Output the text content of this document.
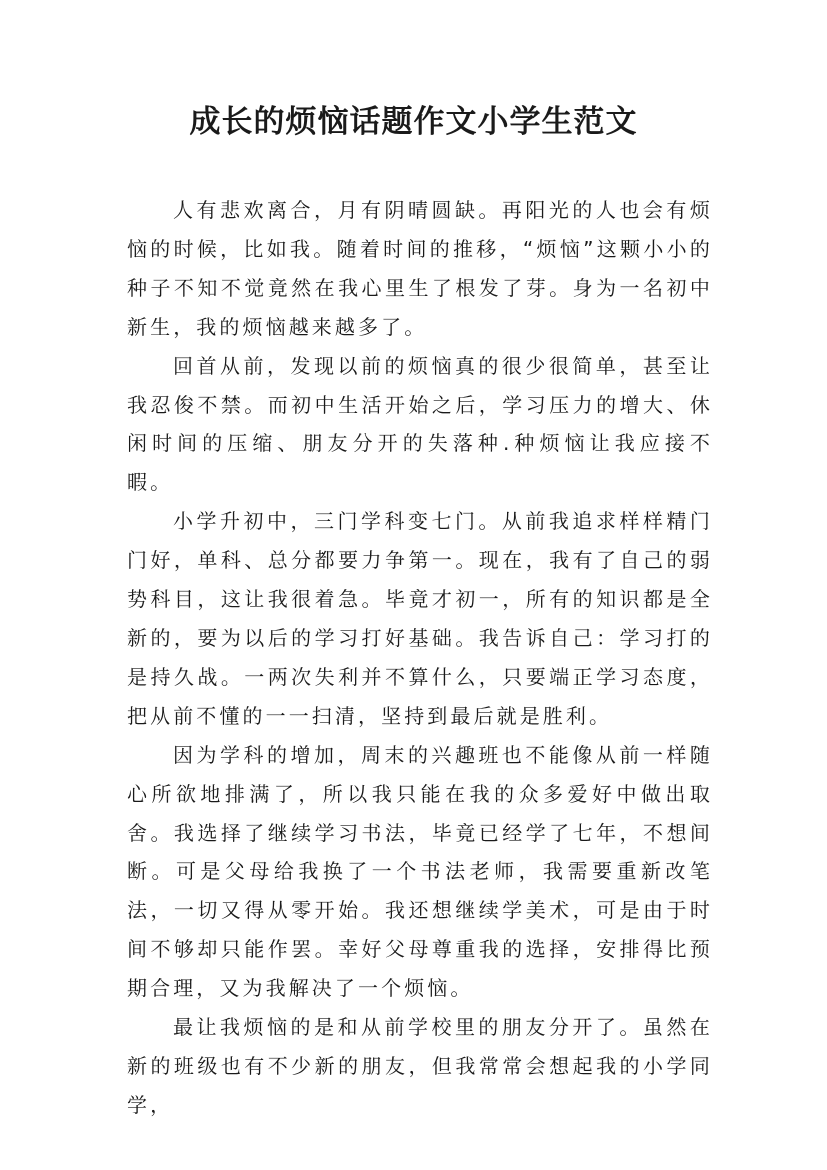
成长的烦恼话题作文小学生范文

人有悲欢离合，月有阴晴圆缺。再阳光的人也会有烦恼的时候，比如我。随着时间的推移，“烦恼”这颗小小的种子不知不觉竟然在我心里生了根发了芽。身为一名初中新生，我的烦恼越来越多了。

回首从前，发现以前的烦恼真的很少很简单，甚至让我忍俊不禁。而初中生活开始之后，学习压力的增大、休闲时间的压缩、朋友分开的失落种.种烦恼让我应接不暇。

小学升初中，三门学科变七门。从前我追求样样精门门好，单科、总分都要力争第一。现在，我有了自己的弱势科目，这让我很着急。毕竟才初一，所有的知识都是全新的，要为以后的学习打好基础。我告诉自己：学习打的是持久战。一两次失利并不算什么，只要端正学习态度，把从前不懂的一一扫清，坚持到最后就是胜利。

因为学科的增加，周末的兴趣班也不能像从前一样随心所欲地排满了，所以我只能在我的众多爱好中做出取舍。我选择了继续学习书法，毕竟已经学了七年，不想间断。可是父母给我换了一个书法老师，我需要重新改笔法，一切又得从零开始。我还想继续学美术，可是由于时间不够却只能作罢。幸好父母尊重我的选择，安排得比预期合理，又为我解决了一个烦恼。

最让我烦恼的是和从前学校里的朋友分开了。虽然在新的班级也有不少新的朋友，但我常常会想起我的小学同学，
